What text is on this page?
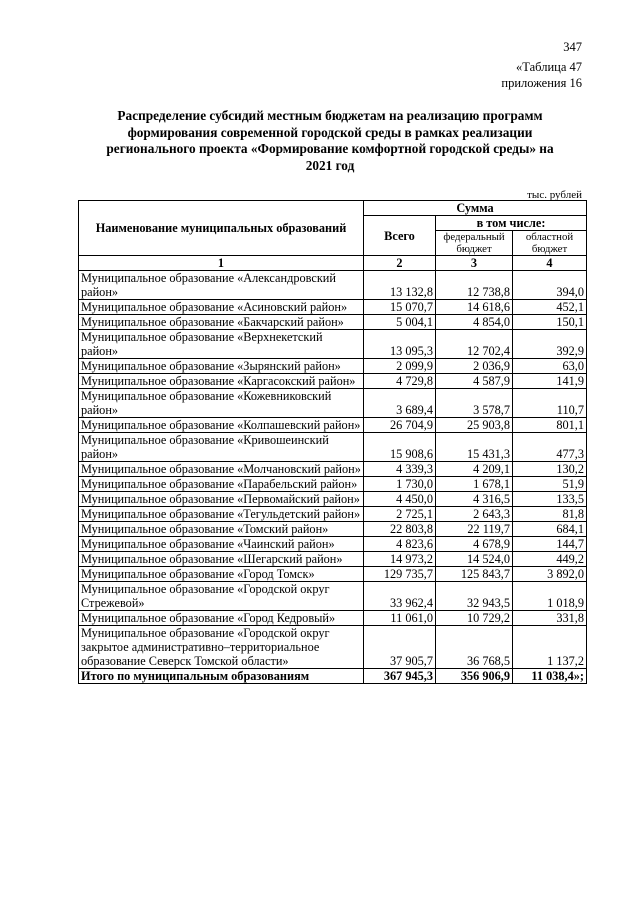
347
«Таблица 47
приложения 16
Распределение субсидий местным бюджетам на реализацию программ
формирования современной городской среды в рамках реализации
регионального проекта «Формирование комфортной городской среды» на
2021 год
тыс. рублей
Наименование муниципальных образований	Сумма		
	Всего	в том числе:	
		федеральный бюджет	областной бюджет
1	2	3	4
Муниципальное образование «Александровский район»	13 132,8	12 738,8	394,0
Муниципальное образование «Асиновский район»	15 070,7	14 618,6	452,1
Муниципальное образование «Бакчарский район»	5 004,1	4 854,0	150,1
Муниципальное образование «Верхнекетский район»	13 095,3	12 702,4	392,9
Муниципальное образование «Зырянский район»	2 099,9	2 036,9	63,0
Муниципальное образование «Каргасокский район»	4 729,8	4 587,9	141,9
Муниципальное образование «Кожевниковский район»	3 689,4	3 578,7	110,7
Муниципальное образование «Колпашевский район»	26 704,9	25 903,8	801,1
Муниципальное образование «Кривошеинский район»	15 908,6	15 431,3	477,3
Муниципальное образование «Молчановский район»	4 339,3	4 209,1	130,2
Муниципальное образование «Парабельский район»	1 730,0	1 678,1	51,9
Муниципальное образование «Первомайский район»	4 450,0	4 316,5	133,5
Муниципальное образование «Тегульдетский район»	2 725,1	2 643,3	81,8
Муниципальное образование «Томский район»	22 803,8	22 119,7	684,1
Муниципальное образование «Чаинский район»	4 823,6	4 678,9	144,7
Муниципальное образование «Шегарский район»	14 973,2	14 524,0	449,2
Муниципальное образование «Город Томск»	129 735,7	125 843,7	3 892,0
Муниципальное образование «Городской округ Стрежевой»	33 962,4	32 943,5	1 018,9
Муниципальное образование «Город Кедровый»	11 061,0	10 729,2	331,8
Муниципальное образование «Городской округ закрытое административно–территориальное образование Северск Томской области»	37 905,7	36 768,5	1 137,2
Итого по муниципальным образованиям	367 945,3	356 906,9	11 038,4»;
